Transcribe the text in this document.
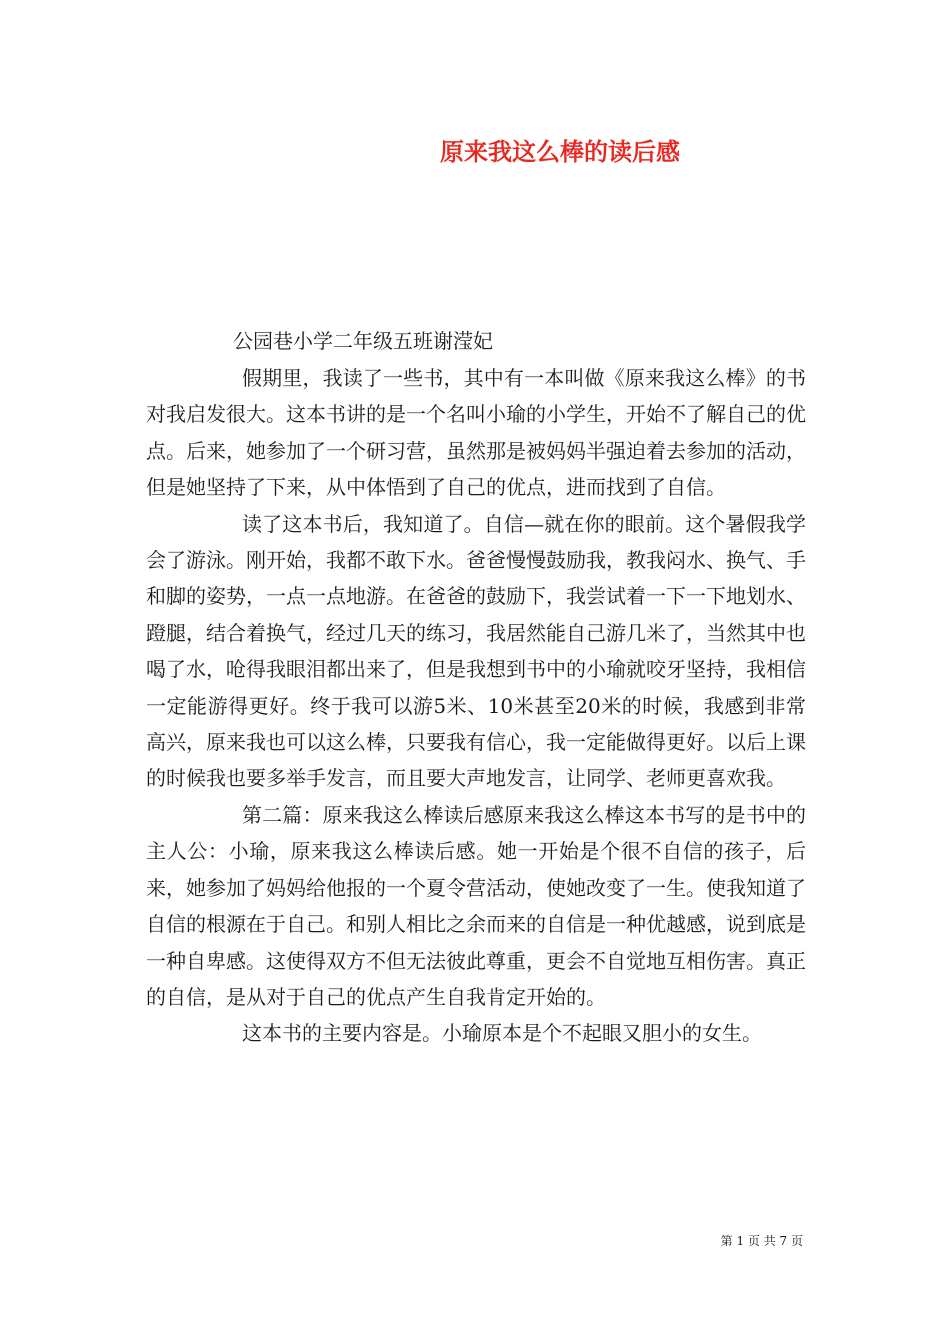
原来我这么棒的读后感
公园巷小学二年级五班谢滢妃

假期里，我读了一些书，其中有一本叫做《原来我这么棒》的书对我启发很大。这本书讲的是一个名叫小瑜的小学生，开始不了解自己的优点。后来，她参加了一个研习营，虽然那是被妈妈半强迫着去参加的活动，但是她坚持了下来，从中体悟到了自己的优点，进而找到了自信。

读了这本书后，我知道了。自信—就在你的眼前。这个暑假我学会了游泳。刚开始，我都不敢下水。爸爸慢慢鼓励我，教我闷水、换气、手和脚的姿势，一点一点地游。在爸爸的鼓励下，我尝试着一下一下地划水、蹬腿，结合着换气，经过几天的练习，我居然能自己游几米了，当然其中也喝了水，呛得我眼泪都出来了，但是我想到书中的小瑜就咬牙坚持，我相信一定能游得更好。终于我可以游5米、10米甚至20米的时候，我感到非常高兴，原来我也可以这么棒，只要我有信心，我一定能做得更好。以后上课的时候我也要多举手发言，而且要大声地发言，让同学、老师更喜欢我。

第二篇：原来我这么棒读后感原来我这么棒这本书写的是书中的主人公：小瑜，原来我这么棒读后感。她一开始是个很不自信的孩子，后来，她参加了妈妈给他报的一个夏令营活动，使她改变了一生。使我知道了自信的根源在于自己。和别人相比之余而来的自信是一种优越感，说到底是一种自卑感。这使得双方不但无法彼此尊重，更会不自觉地互相伤害。真正的自信，是从对于自己的优点产生自我肯定开始的。

这本书的主要内容是。小瑜原本是个不起眼又胆小的女生。

第 1 页 共 7 页
